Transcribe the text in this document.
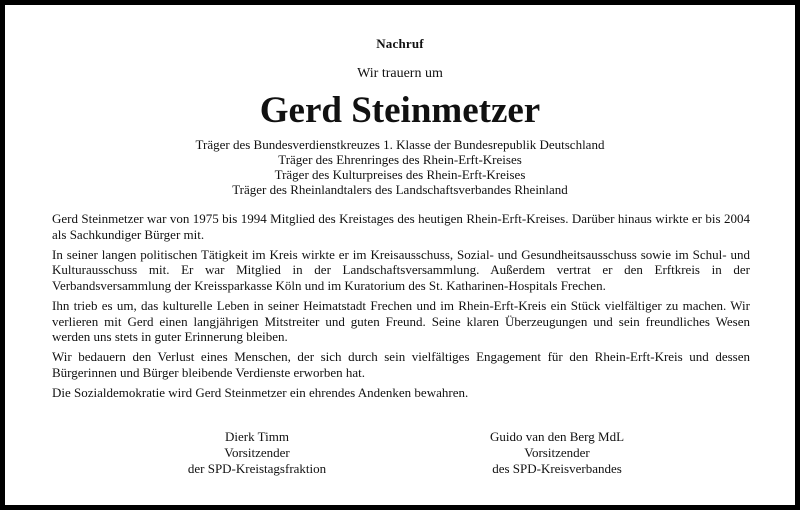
Nachruf
Wir trauern um
Gerd Steinmetzer
Träger des Bundesverdienstkreuzes 1. Klasse der Bundesrepublik Deutschland
Träger des Ehrenringes des Rhein-Erft-Kreises
Träger des Kulturpreises des Rhein-Erft-Kreises
Träger des Rheinlandtalers des Landschaftsverbandes Rheinland

Gerd Steinmetzer war von 1975 bis 1994 Mitglied des Kreistages des heutigen Rhein-Erft-Kreises. Darüber hinaus wirkte er bis 2004 als Sachkundiger Bürger mit.

In seiner langen politischen Tätigkeit im Kreis wirkte er im Kreisausschuss, Sozial- und Gesundheitsausschuss sowie im Schul- und Kulturausschuss mit. Er war Mitglied in der Landschaftsversammlung. Außerdem vertrat er den Erftkreis in der Verbandsversammlung der Kreissparkasse Köln und im Kuratorium des St. Katharinen-Hospitals Frechen.

Ihn trieb es um, das kulturelle Leben in seiner Heimatstadt Frechen und im Rhein-Erft-Kreis ein Stück vielfältiger zu machen. Wir verlieren mit Gerd einen langjährigen Mitstreiter und guten Freund. Seine klaren Überzeugungen und sein freundliches Wesen werden uns stets in guter Erinnerung bleiben.

Wir bedauern den Verlust eines Menschen, der sich durch sein vielfältiges Engagement für den Rhein-Erft-Kreis und dessen Bürgerinnen und Bürger bleibende Verdienste erworben hat.

Die Sozialdemokratie wird Gerd Steinmetzer ein ehrendes Andenken bewahren.

Dierk Timm
Vorsitzender
der SPD-Kreistagsfraktion
Guido van den Berg MdL
Vorsitzender
des SPD-Kreisverbandes
